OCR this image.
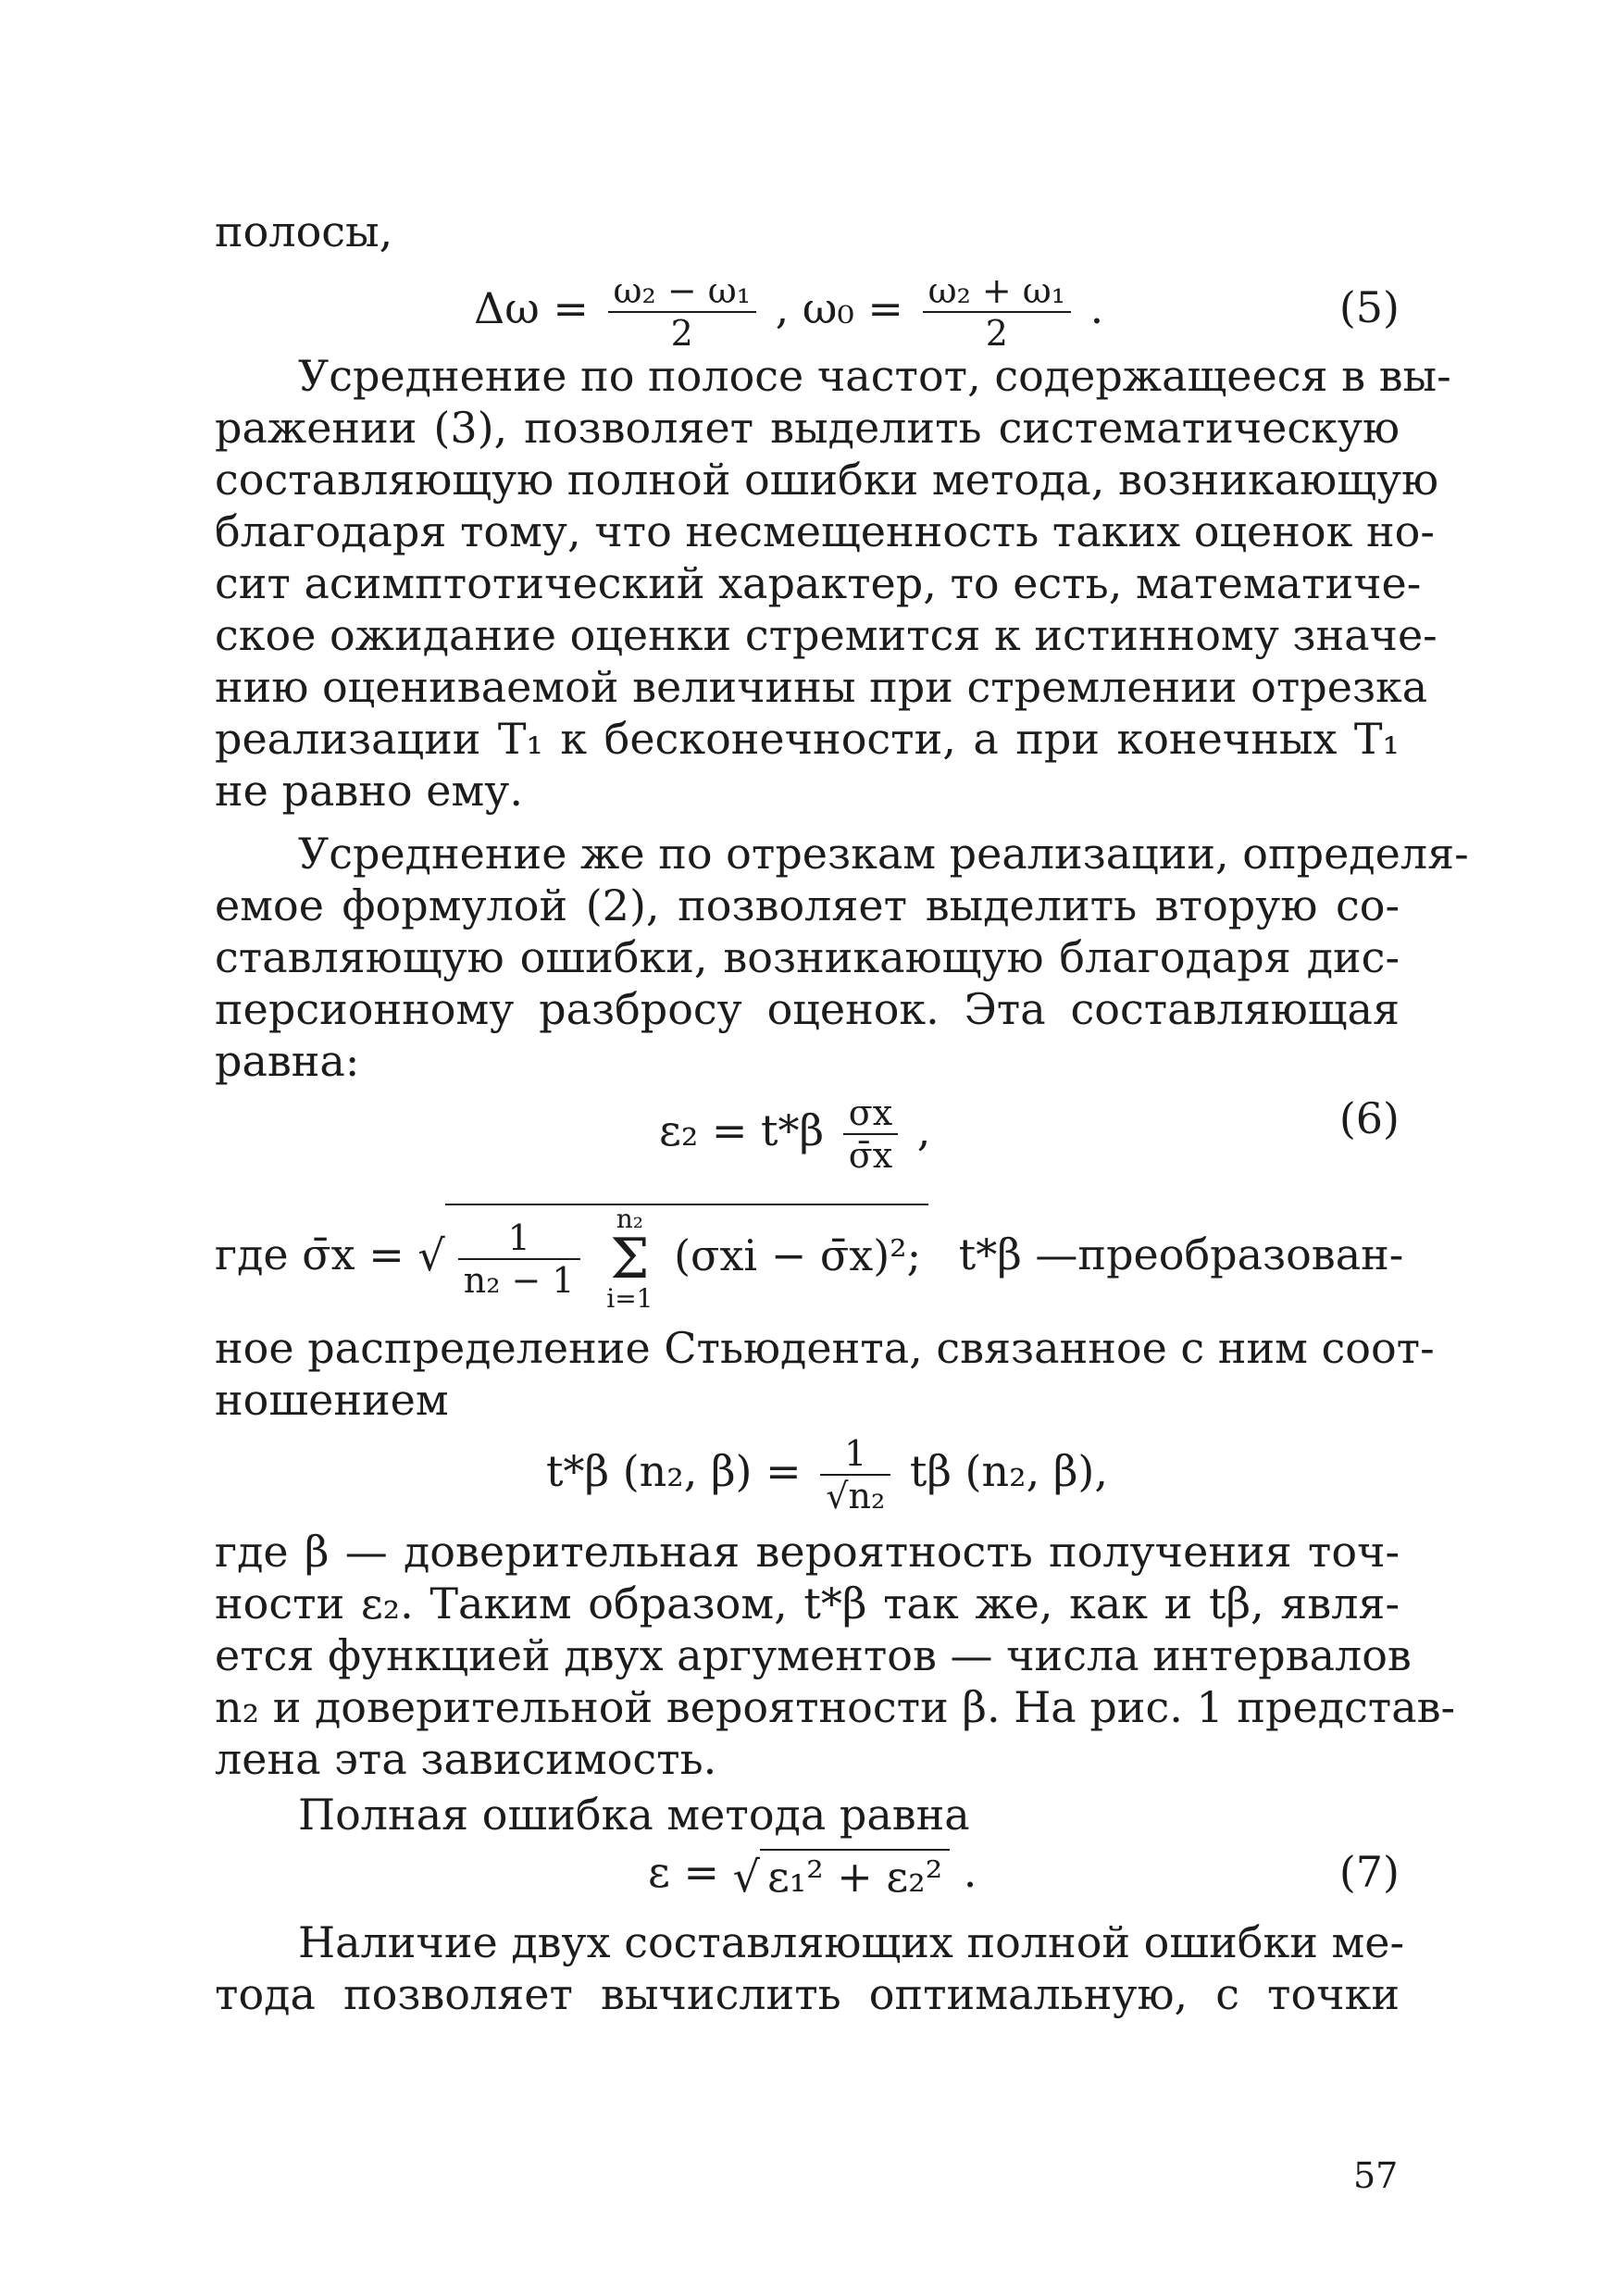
полосы,
$\Delta\omega = \frac{\text{ω₂ − ω₁}}{2}$ , $\omega_0 = \frac{\text{ω₂ + ω₁}}{2}$ .	(5)
Усреднение по полосе частот, содержащееся в вы-
ражении (3), позволяет выделить систематическую
составляющую полной ошибки метода, возникающую
благодаря тому, что несмещенность таких оценок но-
сит асимптотический характер, то есть, математиче-
ское ожидание оценки стремится к истинному значе-
нию оцениваемой величины при стремлении отрезка
реализации T₁ к бесконечности, а при конечных T₁
не равно ему.
Усреднение же по отрезкам реализации, определя-
емое формулой (2), позволяет выделить вторую со-
ставляющую ошибки, возникающую благодаря дис-
персионному разбросу оценок. Эта составляющая
равна:
$\varepsilon_2 = t*\beta \frac{\sigma x}{\sigmāx}$ ,	(6)
где σ̄x = √ $\frac{1}{\text{n₂ − 1}} n_2$
Σ
i=1 (σxi − σ̄x)²; t*β —преобразован-
ное распределение Стьюдента, связанное с ним соот-
ношением
t*β (n₂, $\beta) = \frac{1}{\text{√n₂}}$ tβ (n₂, β),
где β — доверительная вероятность получения точ-
ности ε₂. Таким образом, t*β так же, как и tβ, явля-
ется функцией двух аргументов — числа интервалов
n₂ и доверительной вероятности β. На рис. 1 представ-
лена эта зависимость.
Полная ошибка метода равна
ε = √ ε₁² + ε₂² .	(7)
Наличие двух составляющих полной ошибки ме-
тода позволяет вычислить оптимальную, с точки
57
